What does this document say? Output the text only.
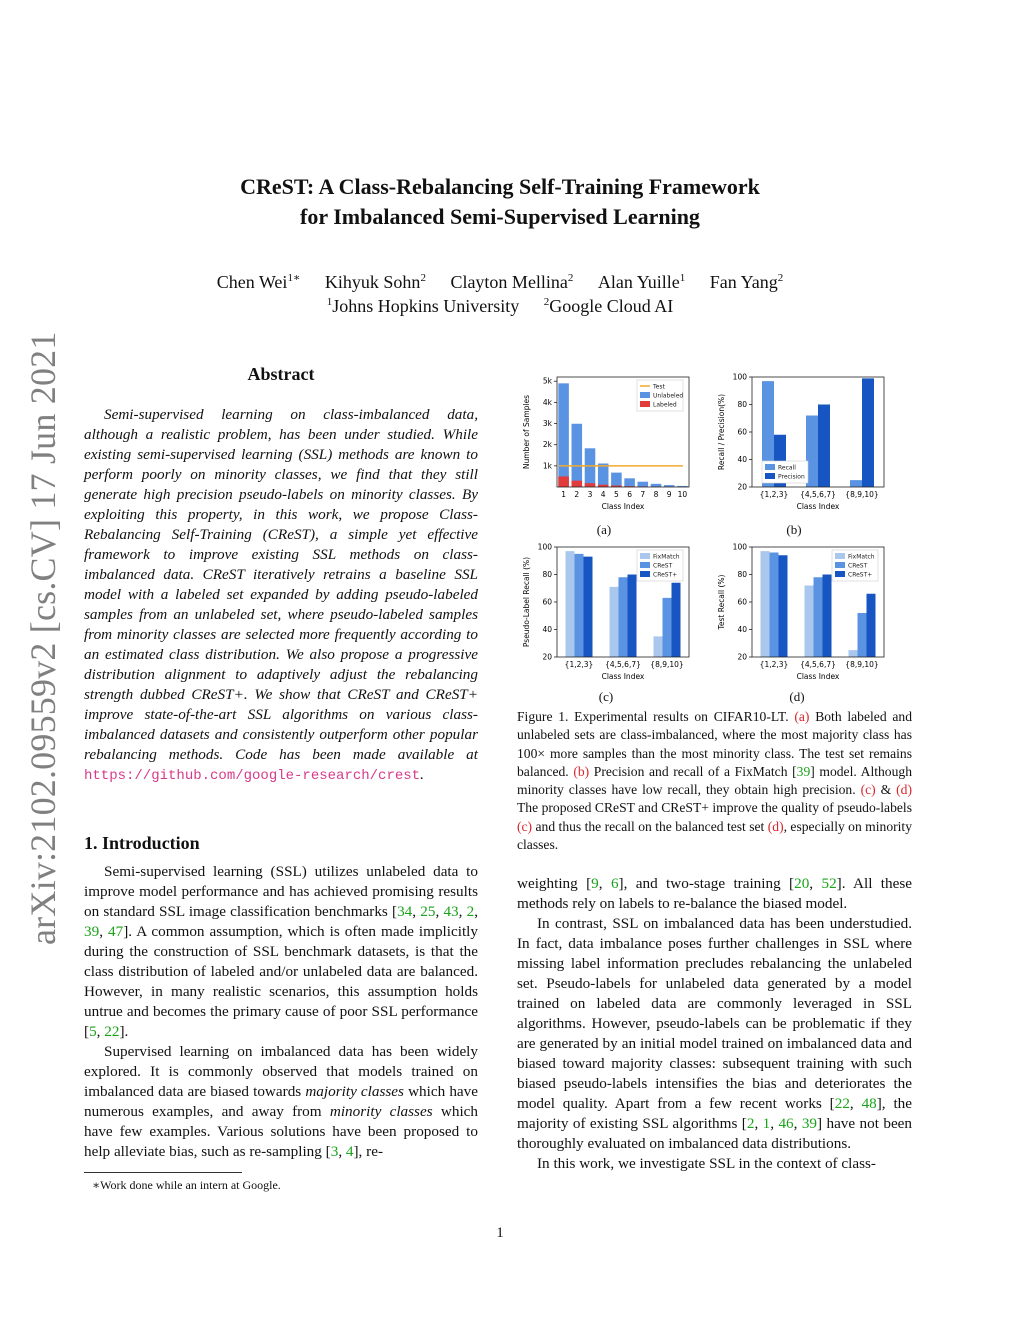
CReST: A Class-Rebalancing Self-Training Framework
for Imbalanced Semi-Supervised Learning
Chen Wei$^{1∗}$ Kihyuk Sohn$^2$ Clayton Mellina$^2$ Alan Yuille$^1$ Fan Yang$^2$
$^1$Johns Hopkins University $^2$Google Cloud AI
arXiv:2102.09559v2 [cs.CV] 17 Jun 2021	Abstract

Semi-supervised learning on class-imbalanced data, although a realistic problem, has been under studied. While existing semi-supervised learning (SSL) methods are known to perform poorly on minority classes, we find that they still generate high precision pseudo-labels on minority classes. By exploiting this property, in this work, we propose Class-Rebalancing Self-Training (CReST), a simple yet effective framework to improve existing SSL methods on class-imbalanced data. CReST iteratively retrains a baseline SSL model with a labeled set expanded by adding pseudo-labeled samples from an unlabeled set, where pseudo-labeled samples from minority classes are selected more frequently according to an estimated class distribution. We also propose a progressive distribution alignment to adaptively adjust the rebalancing strength dubbed CReST+. We show that CReST and CReST+ improve state-of-the-art SSL algorithms on various class-imbalanced datasets and consistently outperform other popular rebalancing methods. Code has been made available at https://github.com/google-research/crest.

1. Introduction

Semi-supervised learning (SSL) utilizes unlabeled data to improve model performance and has achieved promising results on standard SSL image classification benchmarks [34, 25, 43, 2, 39, 47]. A common assumption, which is often made implicitly during the construction of SSL benchmark datasets, is that the class distribution of labeled and/or unlabeled data are balanced. However, in many realistic scenarios, this assumption holds untrue and becomes the primary cause of poor SSL performance [5, 22].

Supervised learning on imbalanced data has been widely explored. It is commonly observed that models trained on imbalanced data are biased towards majority classes which have numerous examples, and away from minority classes which have few examples. Various solutions have been proposed to help alleviate bias, such as re-sampling [3, 4], re-

∗Work done while an intern at Google.
1 2 3 4 5 6 7 8 9 10
Number of Samples
Class Index
1k
2k
3k
4k
5k
Test
Unlabeled
Labeled
{1,2,3} {4,5,6,7} {8,9,10}
Recall / Precision(%)
Class Index
20
40
60
80
100
Recall
Precision
{1,2,3} {4,5,6,7} {8,9,10}
Pseudo-Label Recall (%)
Class Index
20
40
60
80
100
FixMatch
CReST
CReST+
{1,2,3} {4,5,6,7} {8,9,10}
Test Recall (%)
Class Index
20
40
60
80
100
FixMatch
CReST
CReST+
(a)	(b)
(c)	(d)
Figure 1. Experimental results on CIFAR10-LT. (a) Both labeled and unlabeled sets are class-imbalanced, where the most majority class has 100× more samples than the most minority class. The test set remains balanced. (b) Precision and recall of a FixMatch [39] model. Although minority classes have low recall, they obtain high precision. (c) & (d) The proposed CReST and CReST+ improve the quality of pseudo-labels (c) and thus the recall on the balanced test set (d), especially on minority classes.

weighting [9, 6], and two-stage training [20, 52]. All these methods rely on labels to re-balance the biased model.

In contrast, SSL on imbalanced data has been understudied. In fact, data imbalance poses further challenges in SSL where missing label information precludes rebalancing the unlabeled set. Pseudo-labels for unlabeled data generated by a model trained on labeled data are commonly leveraged in SSL algorithms. However, pseudo-labels can be problematic if they are generated by an initial model trained on imbalanced data and biased toward majority classes: subsequent training with such biased pseudo-labels intensifies the bias and deteriorates the model quality. Apart from a few recent works [22, 48], the majority of existing SSL algorithms [2, 1, 46, 39] have not been thoroughly evaluated on imbalanced data distributions.

In this work, we investigate SSL in the context of class-

1
